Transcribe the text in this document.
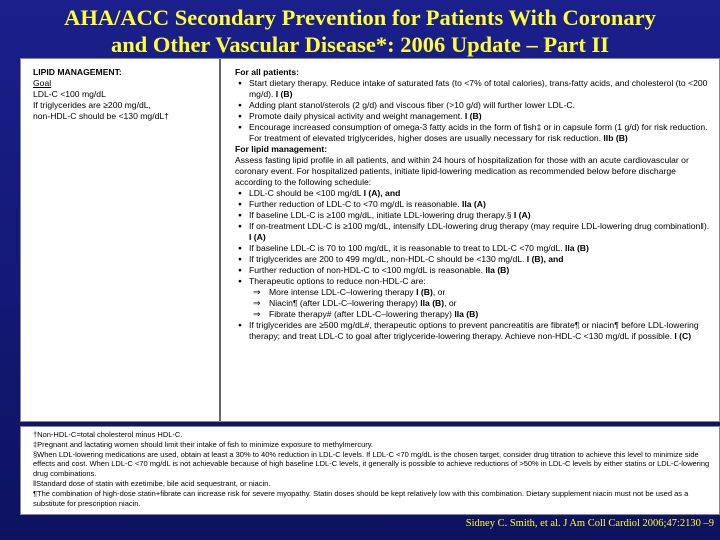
AHA/ACC Secondary Prevention for Patients With Coronary
and Other Vascular Disease*: 2006 Update – Part II
LIPID MANAGEMENT:
Goal
LDL-C <100 mg/dL
If triglycerides are ≥200 mg/dL,
non-HDL-C should be <130 mg/dL†
For all patients:
● Start dietary therapy. Reduce intake of saturated fats (to <7% of total calories), trans-fatty acids, and cholesterol (to <200 mg/d). I (B)
● Adding plant stanol/sterols (2 g/d) and viscous fiber (>10 g/d) will further lower LDL-C.
● Promote daily physical activity and weight management. I (B)
● Encourage increased consumption of omega-3 fatty acids in the form of fish‡ or in capsule form (1 g/d) for risk reduction. For treatment of elevated triglycerides, higher doses are usually necessary for risk reduction. IIb (B)
For lipid management:
Assess fasting lipid profile in all patients, and within 24 hours of hospitalization for those with an acute cardiovascular or coronary event. For hospitalized patients, initiate lipid-lowering medication as recommended below before discharge according to the following schedule:
● LDL-C should be <100 mg/dL I (A), and
● Further reduction of LDL-C to <70 mg/dL is reasonable. IIa (A)
● If baseline LDL-C is ≥100 mg/dL, initiate LDL-lowering drug therapy.§ I (A)
● If on-treatment LDL-C is ≥100 mg/dL, intensify LDL-lowering drug therapy (may require LDL-lowering drug combination‖). I (A)
● If baseline LDL-C is 70 to 100 mg/dL, it is reasonable to treat to LDL-C <70 mg/dL. IIa (B)
● If triglycerides are 200 to 499 mg/dL, non-HDL-C should be <130 mg/dL. I (B), and
● Further reduction of non-HDL-C to <100 mg/dL is reasonable. IIa (B)
● Therapeutic options to reduce non-HDL-C are:
⇒ More intense LDL-C–lowering therapy I (B), or
⇒ Niacin¶ (after LDL-C–lowering therapy) IIa (B), or
⇒ Fibrate therapy# (after LDL-C–lowering therapy) IIa (B)
● If triglycerides are ≥500 mg/dL#, therapeutic options to prevent pancreatitis are fibrate¶ or niacin¶ before LDL-lowering therapy; and treat LDL-C to goal after triglyceride-lowering therapy. Achieve non-HDL-C <130 mg/dL if possible. I (C)
†Non-HDL-C=total cholesterol minus HDL-C.
‡Pregnant and lactating women should limit their intake of fish to minimize exposure to methylmercury.
§When LDL-lowering medications are used, obtain at least a 30% to 40% reduction in LDL-C levels. If LDL-C <70 mg/dL is the chosen target, consider drug titration to achieve this level to minimize side effects and cost. When LDL-C <70 mg/dL is not achievable because of high baseline LDL-C levels, it generally is possible to achieve reductions of >50% in LDL-C levels by either statins or LDL-C-lowering drug combinations.
‖Standard dose of statin with ezetimibe, bile acid sequestrant, or niacin.
¶The combination of high-dose statin+fibrate can increase risk for severe myopathy. Statin doses should be kept relatively low with this combination. Dietary supplement niacin must not be used as a substitute for prescription niacin.
Sidney C. Smith, et al. J Am Coll Cardiol 2006;47:2130 –9
